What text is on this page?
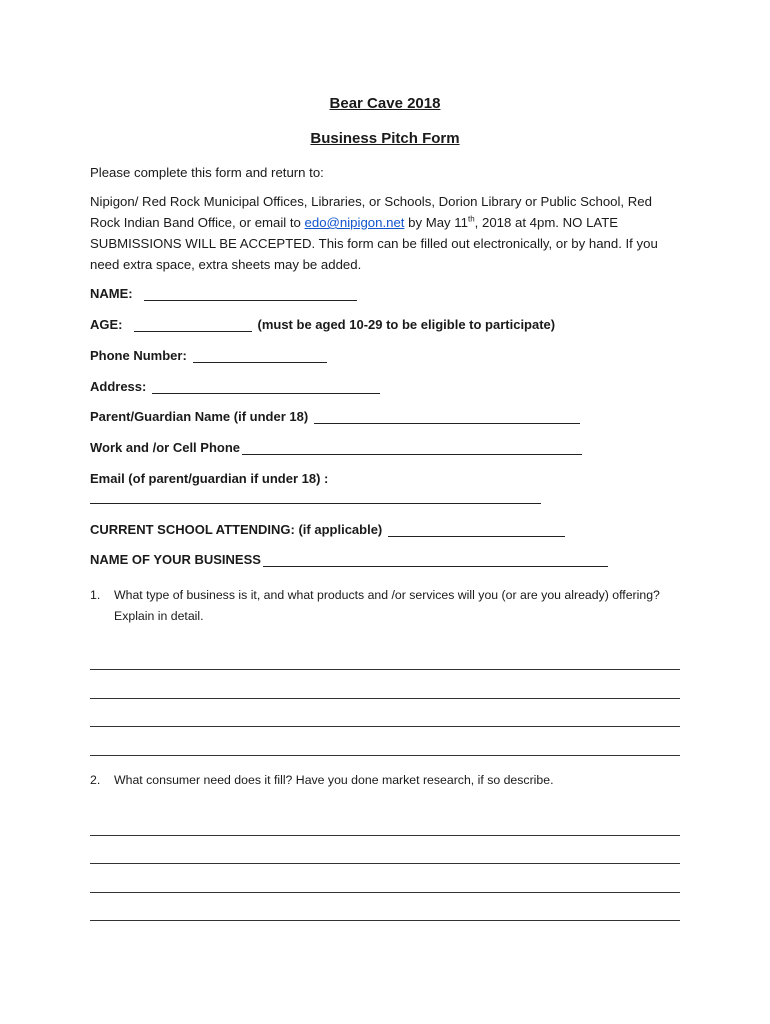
Bear Cave 2018
Business Pitch Form
Please complete this form and return to:
Nipigon/ Red Rock Municipal Offices, Libraries, or Schools, Dorion Library or Public School, Red Rock Indian Band Office, or email to edo@nipigon.net by May 11th, 2018 at 4pm. NO LATE SUBMISSIONS WILL BE ACCEPTED. This form can be filled out electronically, or by hand. If you need extra space, extra sheets may be added.
NAME:
AGE:	(must be aged 10-29 to be eligible to participate)
Phone Number:
Address:
Parent/Guardian Name (if under 18)
Work and /or Cell Phone
Email (of parent/guardian if under 18) :
CURRENT SCHOOL ATTENDING: (if applicable)
NAME OF YOUR BUSINESS
1.	What type of business is it, and what products and /or services will you (or are you already) offering? Explain in detail.
2.	What consumer need does it fill? Have you done market research, if so describe.
